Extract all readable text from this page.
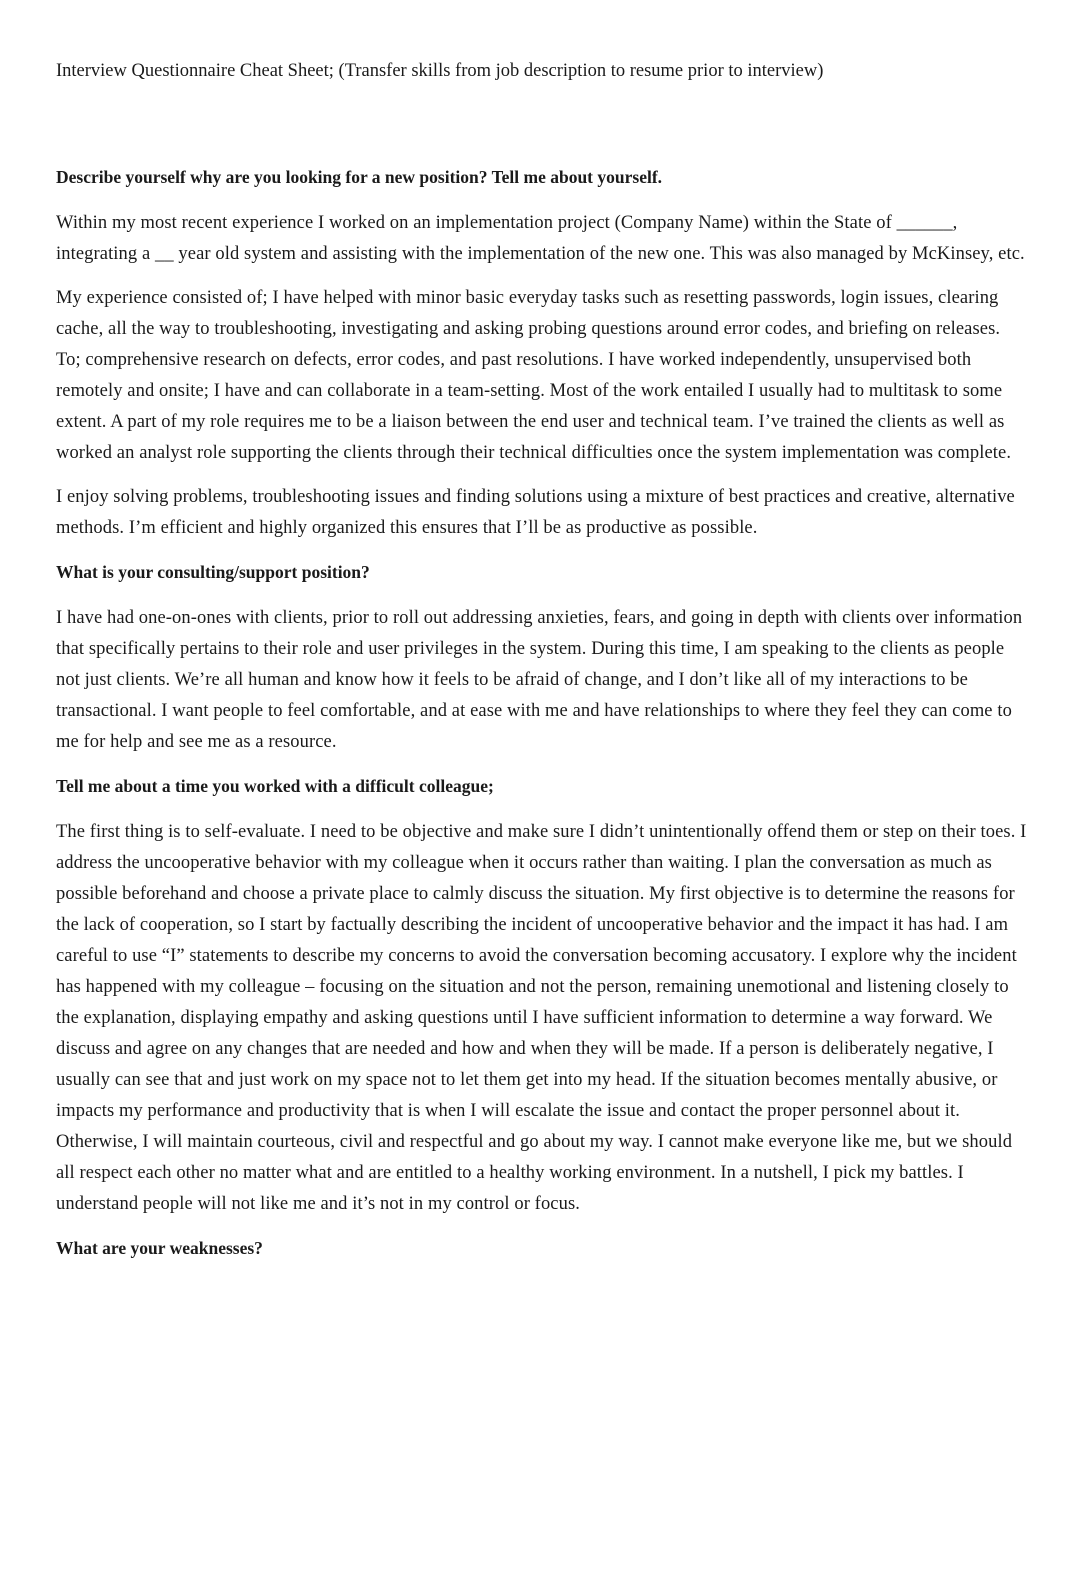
Interview Questionnaire Cheat Sheet; (Transfer skills from job description to resume prior to interview)
Describe yourself why are you looking for a new position? Tell me about yourself.

Within my most recent experience I worked on an implementation project (Company Name) within the State of ______, integrating a __ year old system and assisting with the implementation of the new one. This was also managed by McKinsey, etc.

My experience consisted of; I have helped with minor basic everyday tasks such as resetting passwords, login issues, clearing cache, all the way to troubleshooting, investigating and asking probing questions around error codes, and briefing on releases. To; comprehensive research on defects, error codes, and past resolutions. I have worked independently, unsupervised both remotely and onsite; I have and can collaborate in a team-setting. Most of the work entailed I usually had to multitask to some extent. A part of my role requires me to be a liaison between the end user and technical team. I’ve trained the clients as well as worked an analyst role supporting the clients through their technical difficulties once the system implementation was complete.

I enjoy solving problems, troubleshooting issues and finding solutions using a mixture of best practices and creative, alternative methods. I’m efficient and highly organized this ensures that I’ll be as productive as possible.

What is your consulting/support position?

I have had one-on-ones with clients, prior to roll out addressing anxieties, fears, and going in depth with clients over information that specifically pertains to their role and user privileges in the system. During this time, I am speaking to the clients as people not just clients. We’re all human and know how it feels to be afraid of change, and I don’t like all of my interactions to be transactional. I want people to feel comfortable, and at ease with me and have relationships to where they feel they can come to me for help and see me as a resource.

Tell me about a time you worked with a difficult colleague;

The first thing is to self-evaluate. I need to be objective and make sure I didn’t unintentionally offend them or step on their toes. I address the uncooperative behavior with my colleague when it occurs rather than waiting. I plan the conversation as much as possible beforehand and choose a private place to calmly discuss the situation. My first objective is to determine the reasons for the lack of cooperation, so I start by factually describing the incident of uncooperative behavior and the impact it has had. I am careful to use “I” statements to describe my concerns to avoid the conversation becoming accusatory. I explore why the incident has happened with my colleague – focusing on the situation and not the person, remaining unemotional and listening closely to the explanation, displaying empathy and asking questions until I have sufficient information to determine a way forward. We discuss and agree on any changes that are needed and how and when they will be made. If a person is deliberately negative, I usually can see that and just work on my space not to let them get into my head. If the situation becomes mentally abusive, or impacts my performance and productivity that is when I will escalate the issue and contact the proper personnel about it. Otherwise, I will maintain courteous, civil and respectful and go about my way. I cannot make everyone like me, but we should all respect each other no matter what and are entitled to a healthy working environment. In a nutshell, I pick my battles. I understand people will not like me and it’s not in my control or focus.

What are your weaknesses?
